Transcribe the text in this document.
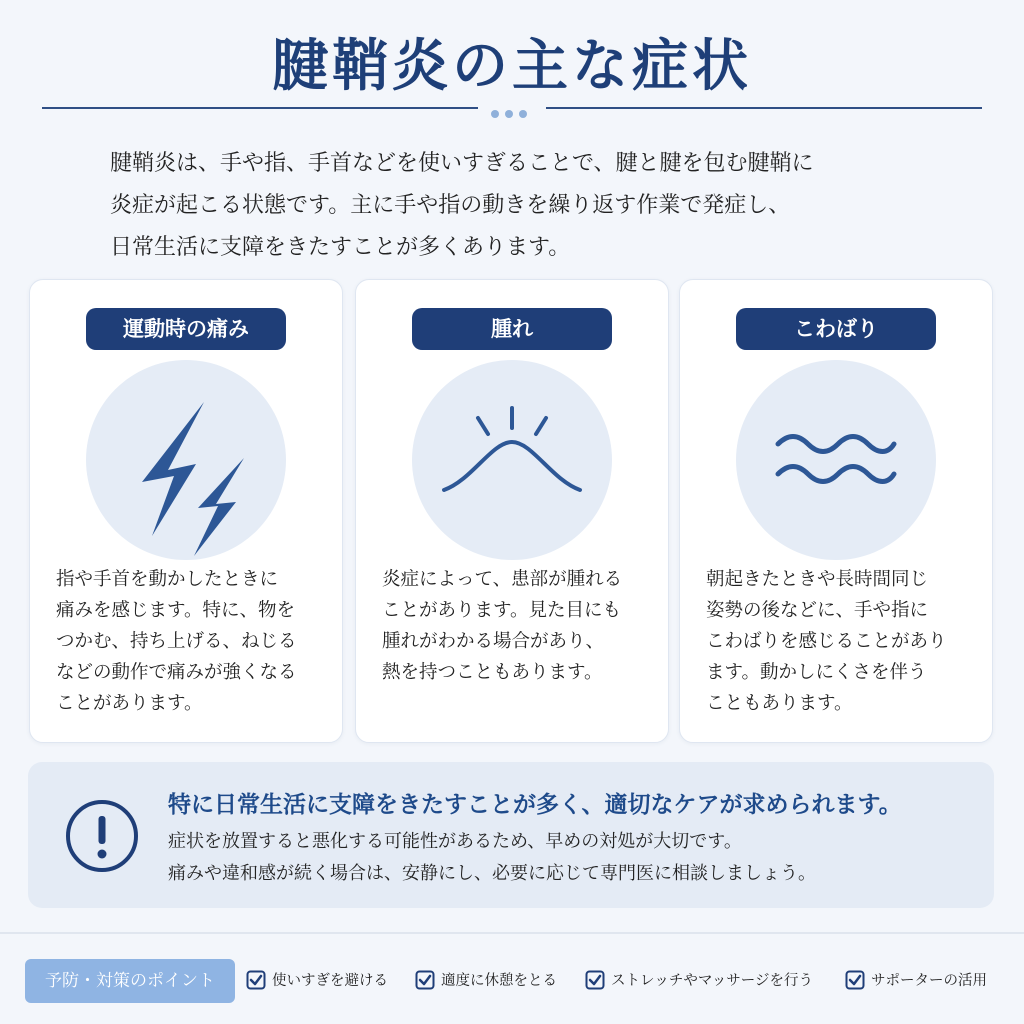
腱鞘炎の主な症状
腱鞘炎は、手や指、手首などを使いすぎることで、腱と腱を包む腱鞘に
炎症が起こる状態です。主に手や指の動きを繰り返す作業で発症し、
日常生活に支障をきたすことが多くあります。
運動時の痛み
指や手首を動かしたときに
痛みを感じます。特に、物を
つかむ、持ち上げる、ねじる
などの動作で痛みが強くなる
ことがあります。
腫れ
炎症によって、患部が腫れる
ことがあります。見た目にも
腫れがわかる場合があり、
熱を持つこともあります。
こわばり
朝起きたときや長時間同じ
姿勢の後などに、手や指に
こわばりを感じることがあり
ます。動かしにくさを伴う
こともあります。
特に日常生活に支障をきたすことが多く、適切なケアが求められます。
症状を放置すると悪化する可能性があるため、早めの対処が大切です。
痛みや違和感が続く場合は、安静にし、必要に応じて専門医に相談しましょう。
予防・対策のポイント	使いすぎを避ける	適度に休憩をとる	ストレッチやマッサージを行う	サポーターの活用
